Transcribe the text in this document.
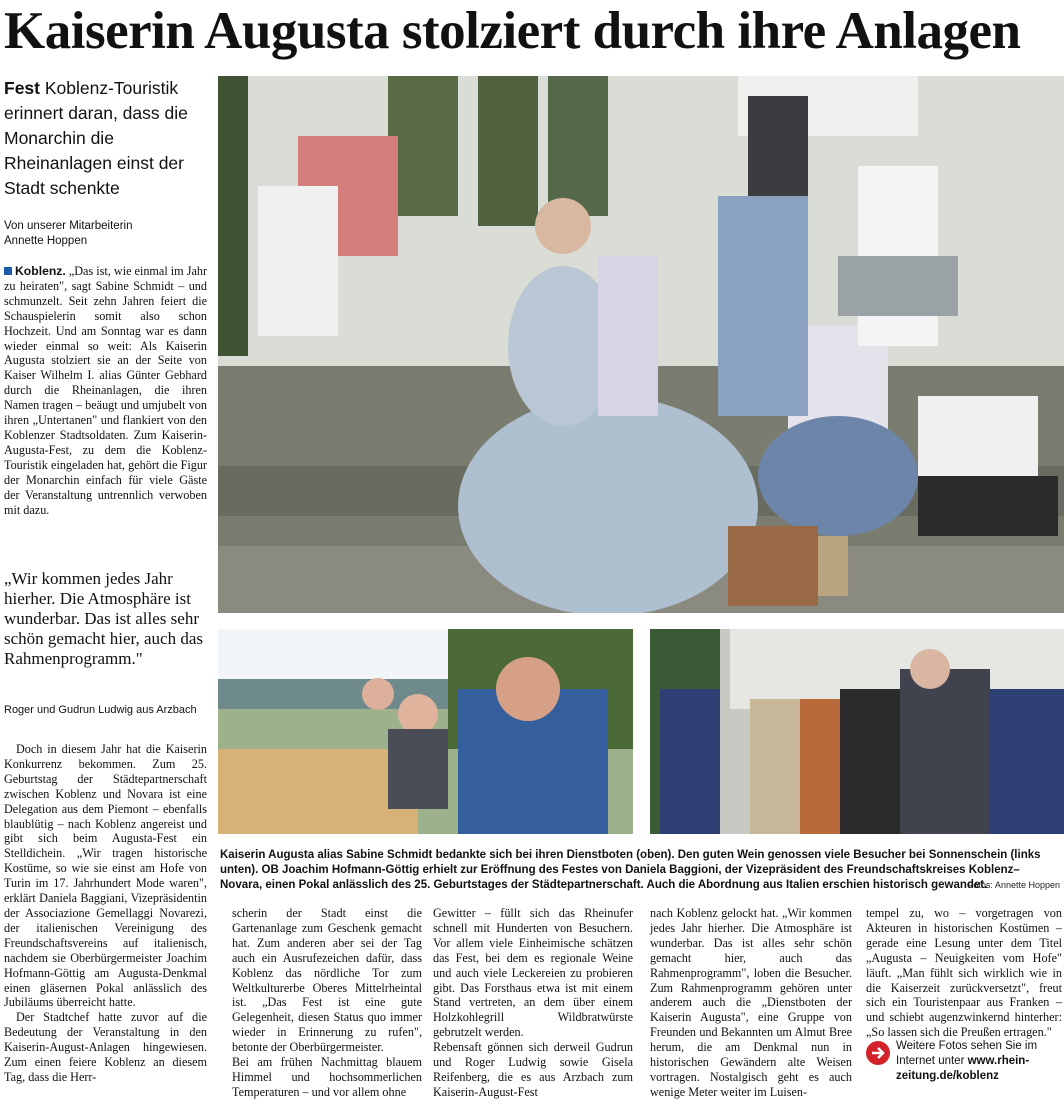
Kaiserin Augusta stolziert durch ihre Anlagen
Fest Koblenz-Touristik erinnert daran, dass die Monarchin die Rheinanlagen einst der Stadt schenkte
Von unserer Mitarbeiterin
Annette Hoppen
Koblenz. „Das ist, wie einmal im Jahr zu heiraten", sagt Sabine Schmidt – und schmunzelt. Seit zehn Jahren feiert die Schauspielerin somit also schon Hochzeit. Und am Sonntag war es dann wieder einmal so weit: Als Kaiserin Augusta stolziert sie an der Seite von Kaiser Wilhelm I. alias Günter Gebhard durch die Rheinanlagen, die ihren Namen tragen – beäugt und umjubelt von ihren „Untertanen" und flankiert von den Koblenzer Stadtsoldaten. Zum Kaiserin-Augusta-Fest, zu dem die Koblenz-Touristik eingeladen hat, gehört die Figur der Monarchin einfach für viele Gäste der Veranstaltung untrennlich verwoben mit dazu.
„Wir kommen jedes Jahr hierher. Die Atmosphäre ist wunderbar. Das ist alles sehr schön gemacht hier, auch das Rahmenprogramm."
Roger und Gudrun Ludwig aus Arzbach
Doch in diesem Jahr hat die Kaiserin Konkurrenz bekommen. Zum 25. Geburtstag der Städtepartnerschaft zwischen Koblenz und Novara ist eine Delegation aus dem Piemont – ebenfalls blaublütig – nach Koblenz angereist und gibt sich beim Augusta-Fest ein Stelldichein. „Wir tragen historische Kostüme, so wie sie einst am Hofe von Turin im 17. Jahrhundert Mode waren", erklärt Daniela Baggiani, Vizepräsidentin der Associazione Gemellaggi Novarezi, der italienischen Vereinigung des Freundschaftsvereins auf italienisch, nachdem sie Oberbürgermeister Joachim Hofmann-Göttig am Augusta-Denkmal einen gläsernen Pokal anlässlich des Jubiläums überreicht hatte.
Der Stadtchef hatte zuvor auf die Bedeutung der Veranstaltung in den Kaiserin-August-Anlagen hingewiesen. Zum einen feiere Koblenz an diesem Tag, dass die Herr-
Kaiserin Augusta alias Sabine Schmidt bedankte sich bei ihren Dienstboten (oben). Den guten Wein genossen viele Besucher bei Sonnenschein (links unten). OB Joachim Hofmann-Göttig erhielt zur Eröffnung des Festes von Daniela Baggioni, der Vizepräsident des Freundschaftskreises Koblenz–Novara, einen Pokal anlässlich des 25. Geburtstages der Städtepartnerschaft. Auch die Abordnung aus Italien erschien historisch gewandet.
Fotos: Annette Hoppen
scherin der Stadt einst die Gartenanlage zum Geschenk gemacht hat. Zum anderen aber sei der Tag auch ein Ausrufezeichen dafür, dass Koblenz das nördliche Tor zum Weltkulturerbe Oberes Mittelrheintal ist. „Das Fest ist eine gute Gelegenheit, diesen Status quo immer wieder in Erinnerung zu rufen", betonte der Oberbürgermeister.
Bei am frühen Nachmittag blauem Himmel und hochsommerlichen Temperaturen – und vor allem ohne
Gewitter – füllt sich das Rheinufer schnell mit Hunderten von Besuchern. Vor allem viele Einheimische schätzen das Fest, bei dem es regionale Weine und auch viele Leckereien zu probieren gibt. Das Forsthaus etwa ist mit einem Stand vertreten, an dem über einem Holzkohlegrill Wildbratwürste gebrutzelt werden.
Rebensaft gönnen sich derweil Gudrun und Roger Ludwig sowie Gisela Reifenberg, die es aus Arzbach zum Kaiserin-August-Fest
nach Koblenz gelockt hat. „Wir kommen jedes Jahr hierher. Die Atmosphäre ist wunderbar. Das ist alles sehr schön gemacht hier, auch das Rahmenprogramm", loben die Besucher. Zum Rahmenprogramm gehören unter anderem auch die „Dienstboten der Kaiserin Augusta", eine Gruppe von Freunden und Bekannten um Almut Bree herum, die am Denkmal nun in historischen Gewändern alte Weisen vortragen. Nostalgisch geht es auch wenige Meter weiter im Luisen-
tempel zu, wo – vorgetragen von Akteuren in historischen Kostümen – gerade eine Lesung unter dem Titel „Augusta – Neuigkeiten vom Hofe" läuft. „Man fühlt sich wirklich wie in die Kaiserzeit zurückversetzt", freut sich ein Touristenpaar aus Franken – und schiebt augenzwinkernd hinterher: „So lassen sich die Preußen ertragen."
Weitere Fotos sehen Sie im Internet unter www.rhein-zeitung.de/koblenz
